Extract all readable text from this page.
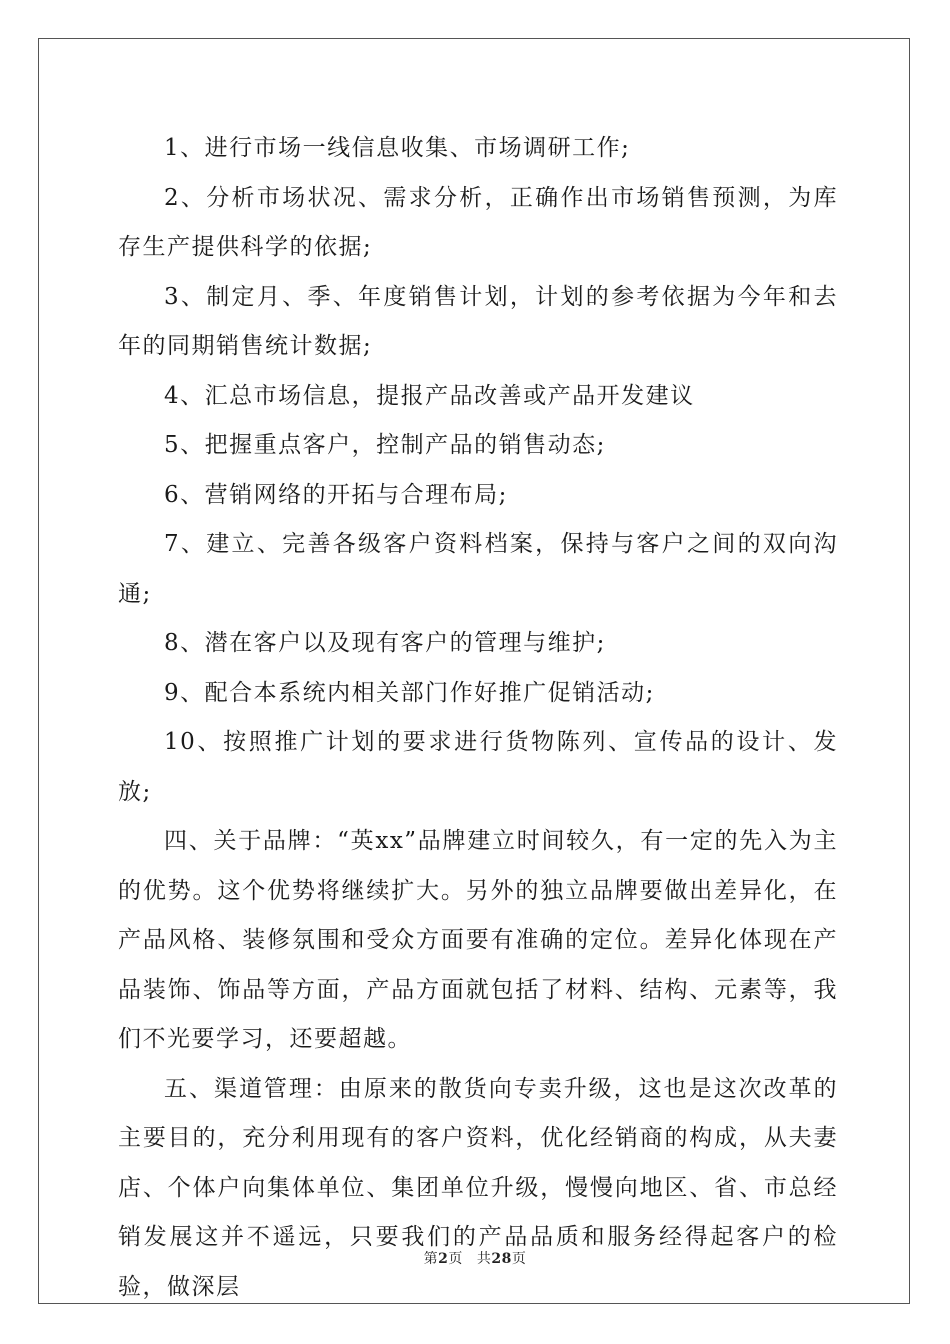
1、进行市场一线信息收集、市场调研工作;

2、分析市场状况、需求分析，正确作出市场销售预测，为库存生产提供科学的依据;

3、制定月、季、年度销售计划，计划的参考依据为今年和去年的同期销售统计数据;

4、汇总市场信息，提报产品改善或产品开发建议

5、把握重点客户，控制产品的销售动态;

6、营销网络的开拓与合理布局;

7、建立、完善各级客户资料档案，保持与客户之间的双向沟通;

8、潜在客户以及现有客户的管理与维护;

9、配合本系统内相关部门作好推广促销活动;

10、按照推广计划的要求进行货物陈列、宣传品的设计、发放;

四、关于品牌：“英xx”品牌建立时间较久，有一定的先入为主的优势。这个优势将继续扩大。另外的独立品牌要做出差异化，在产品风格、装修氛围和受众方面要有准确的定位。差异化体现在产品装饰、饰品等方面，产品方面就包括了材料、结构、元素等，我们不光要学习，还要超越。

五、渠道管理：由原来的散货向专卖升级，这也是这次改革的主要目的，充分利用现有的客户资料，优化经销商的构成，从夫妻店、个体户向集体单位、集团单位升级，慢慢向地区、省、市总经销发展这并不遥远，只要我们的产品品质和服务经得起客户的检验，做深层

第2页 共28页
